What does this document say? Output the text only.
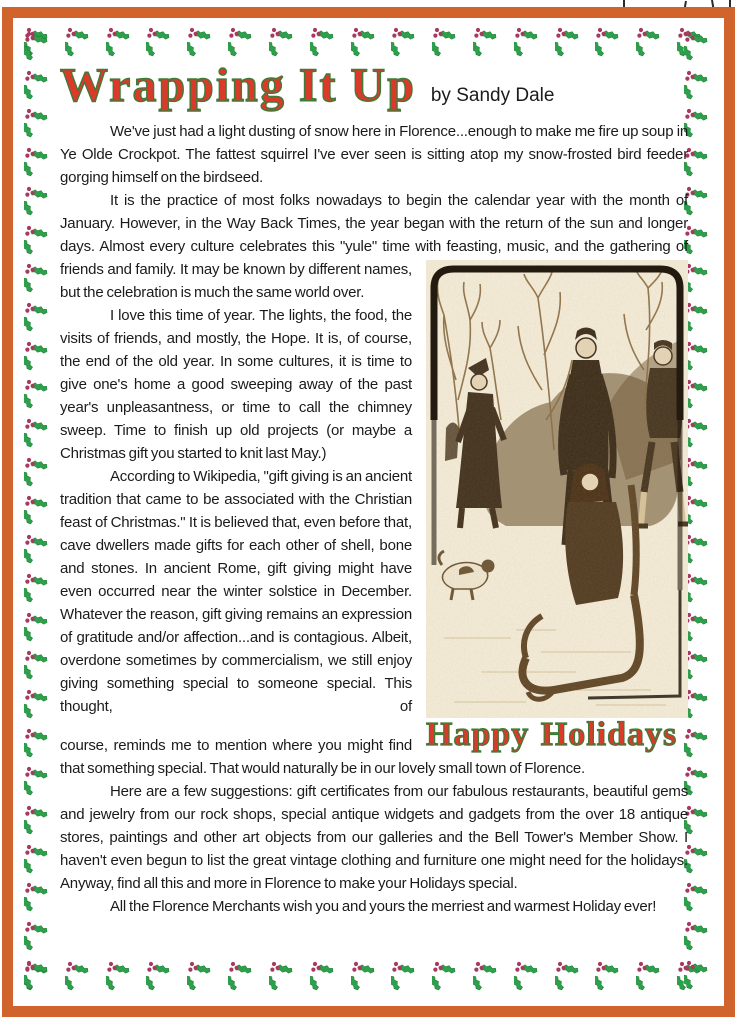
Wrapping It Up by Sandy Dale

We've just had a light dusting of snow here in Florence...enough to make me fire up soup in Ye Olde Crockpot. The fattest squirrel I've ever seen is sitting atop my snow-frosted bird feeder gorging himself on the birdseed.

It is the practice of most folks nowadays to begin the calendar year with the month of January. However, in the Way Back Times, the year began with the return of the sun and longer days. Almost every culture celebrates this "yule" time with feasting, music, and the gathering of friends and family. It
Happy Holidays
may be known by different names, but the celebration is much the same world over.

I love this time of year. The lights, the food, the visits of friends, and mostly, the Hope. It is, of course, the end of the old year. In some cultures, it is time to give one's home a good sweeping away of the past year's unpleasantness, or time to call the chimney sweep. Time to finish up old projects (or maybe a Christmas gift you started to knit last May.)

According to Wikipedia, "gift giving is an ancient tradition that came to be associated with the Christian feast of Christmas." It is believed that, even before that, cave dwellers made gifts for each other of shell, bone and stones. In ancient Rome, gift giving might have even occurred near the winter solstice in December. Whatever the reason, gift giving remains an expression of gratitude and/or affection...and is contagious. Albeit, overdone sometimes by commercialism, we still enjoy giving something special to someone special. This thought, of

course, reminds me to mention where you might find that something special. That would naturally be in our lovely small town of Florence.

Here are a few suggestions: gift certificates from our fabulous restaurants, beautiful gems and jewelry from our rock shops, special antique widgets and gadgets from the over 18 antique stores, paintings and other art objects from our galleries and the Bell Tower's Member Show. I haven't even begun to list the great vintage clothing and furniture one might need for the holidays. Anyway, find all this and more in Florence to make your Holidays special.

All the Florence Merchants wish you and yours the merriest and warmest Holiday ever!
